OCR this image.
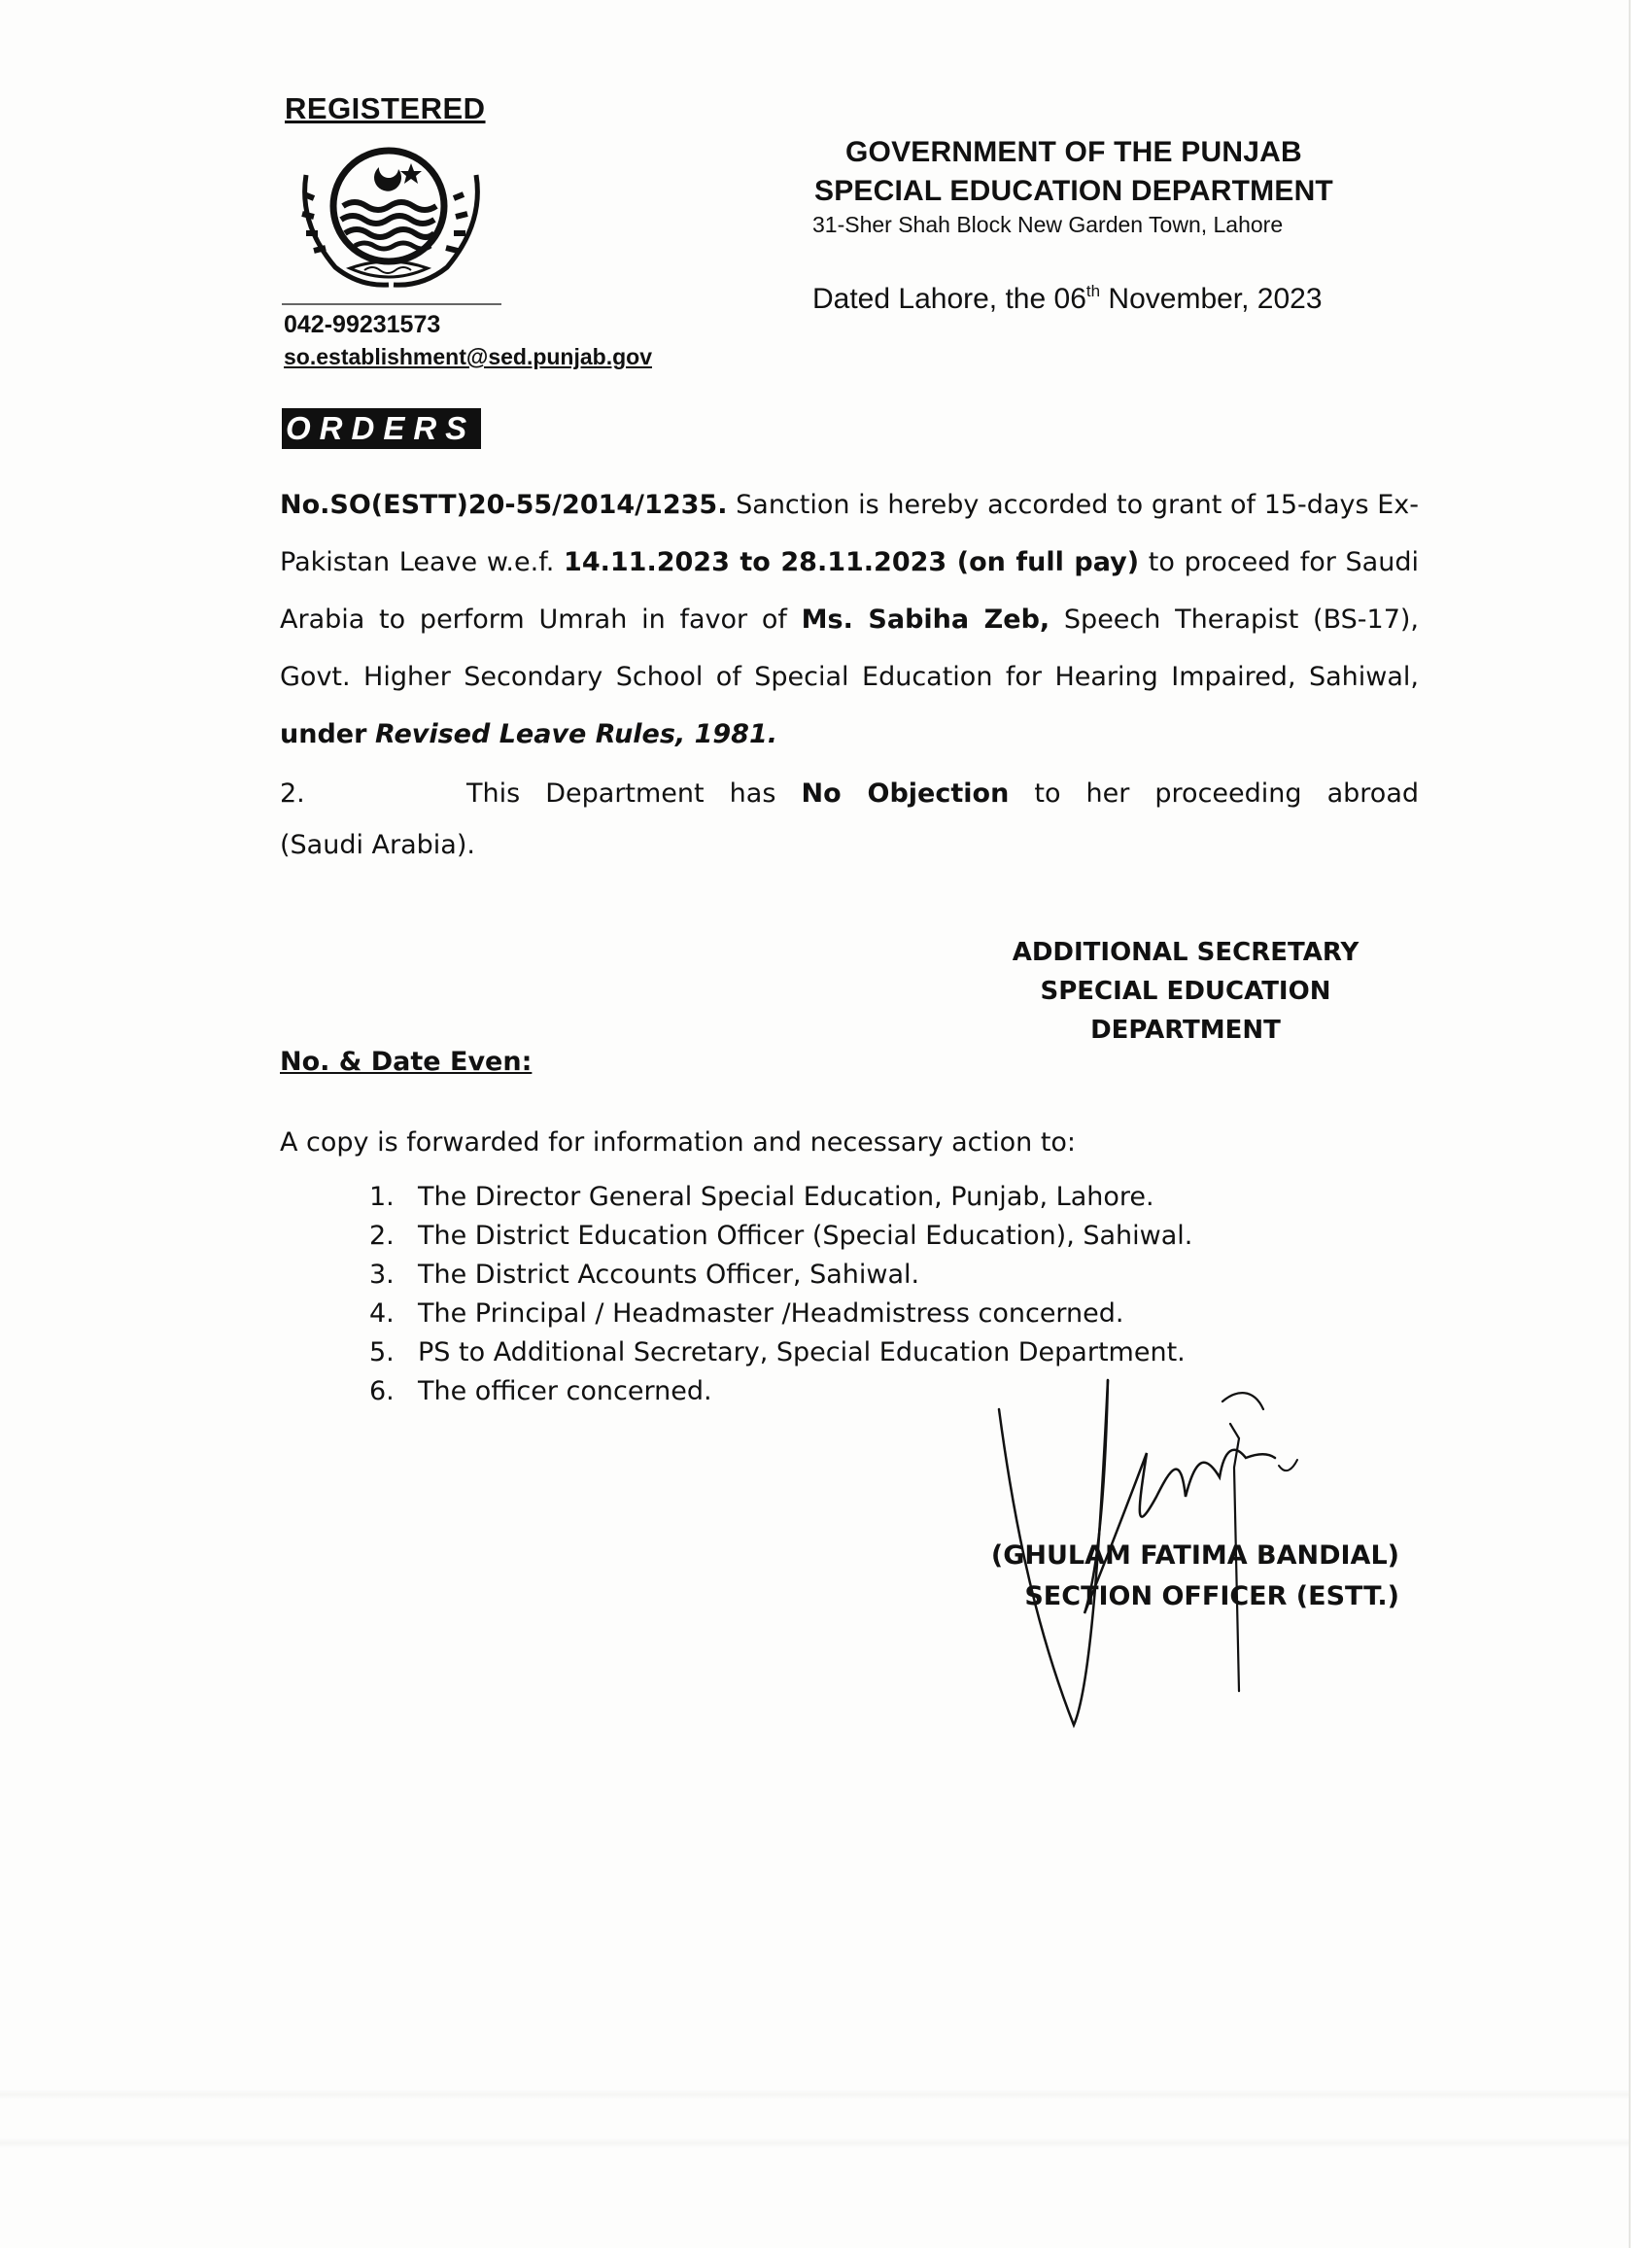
REGISTERED
042-99231573
so.establishment@sed.punjab.gov
GOVERNMENT OF THE PUNJAB
SPECIAL EDUCATION DEPARTMENT
31-Sher Shah Block New Garden Town, Lahore
Dated Lahore, the 06th November, 2023
ORDERS
No.SO(ESTT)20-55/2014/1235. Sanction is hereby accorded to grant of 15-days Ex-Pakistan Leave w.e.f. 14.11.2023 to 28.11.2023 (on full pay) to proceed for Saudi Arabia to perform Umrah in favor of Ms. Sabiha Zeb, Speech Therapist (BS-17), Govt. Higher Secondary School of Special Education for Hearing Impaired, Sahiwal, under Revised Leave Rules, 1981.
2.	This Department has No Objection to her proceeding abroad
(Saudi Arabia).
ADDITIONAL SECRETARY
SPECIAL EDUCATION
DEPARTMENT
No. & Date Even:
A copy is forwarded for information and necessary action to:
1. The Director General Special Education, Punjab, Lahore.
2. The District Education Officer (Special Education), Sahiwal.
3. The District Accounts Officer, Sahiwal.
4. The Principal / Headmaster /Headmistress concerned.
5. PS to Additional Secretary, Special Education Department.
6. The officer concerned.
(GHULAM FATIMA BANDIAL)
SECTION OFFICER (ESTT.)
